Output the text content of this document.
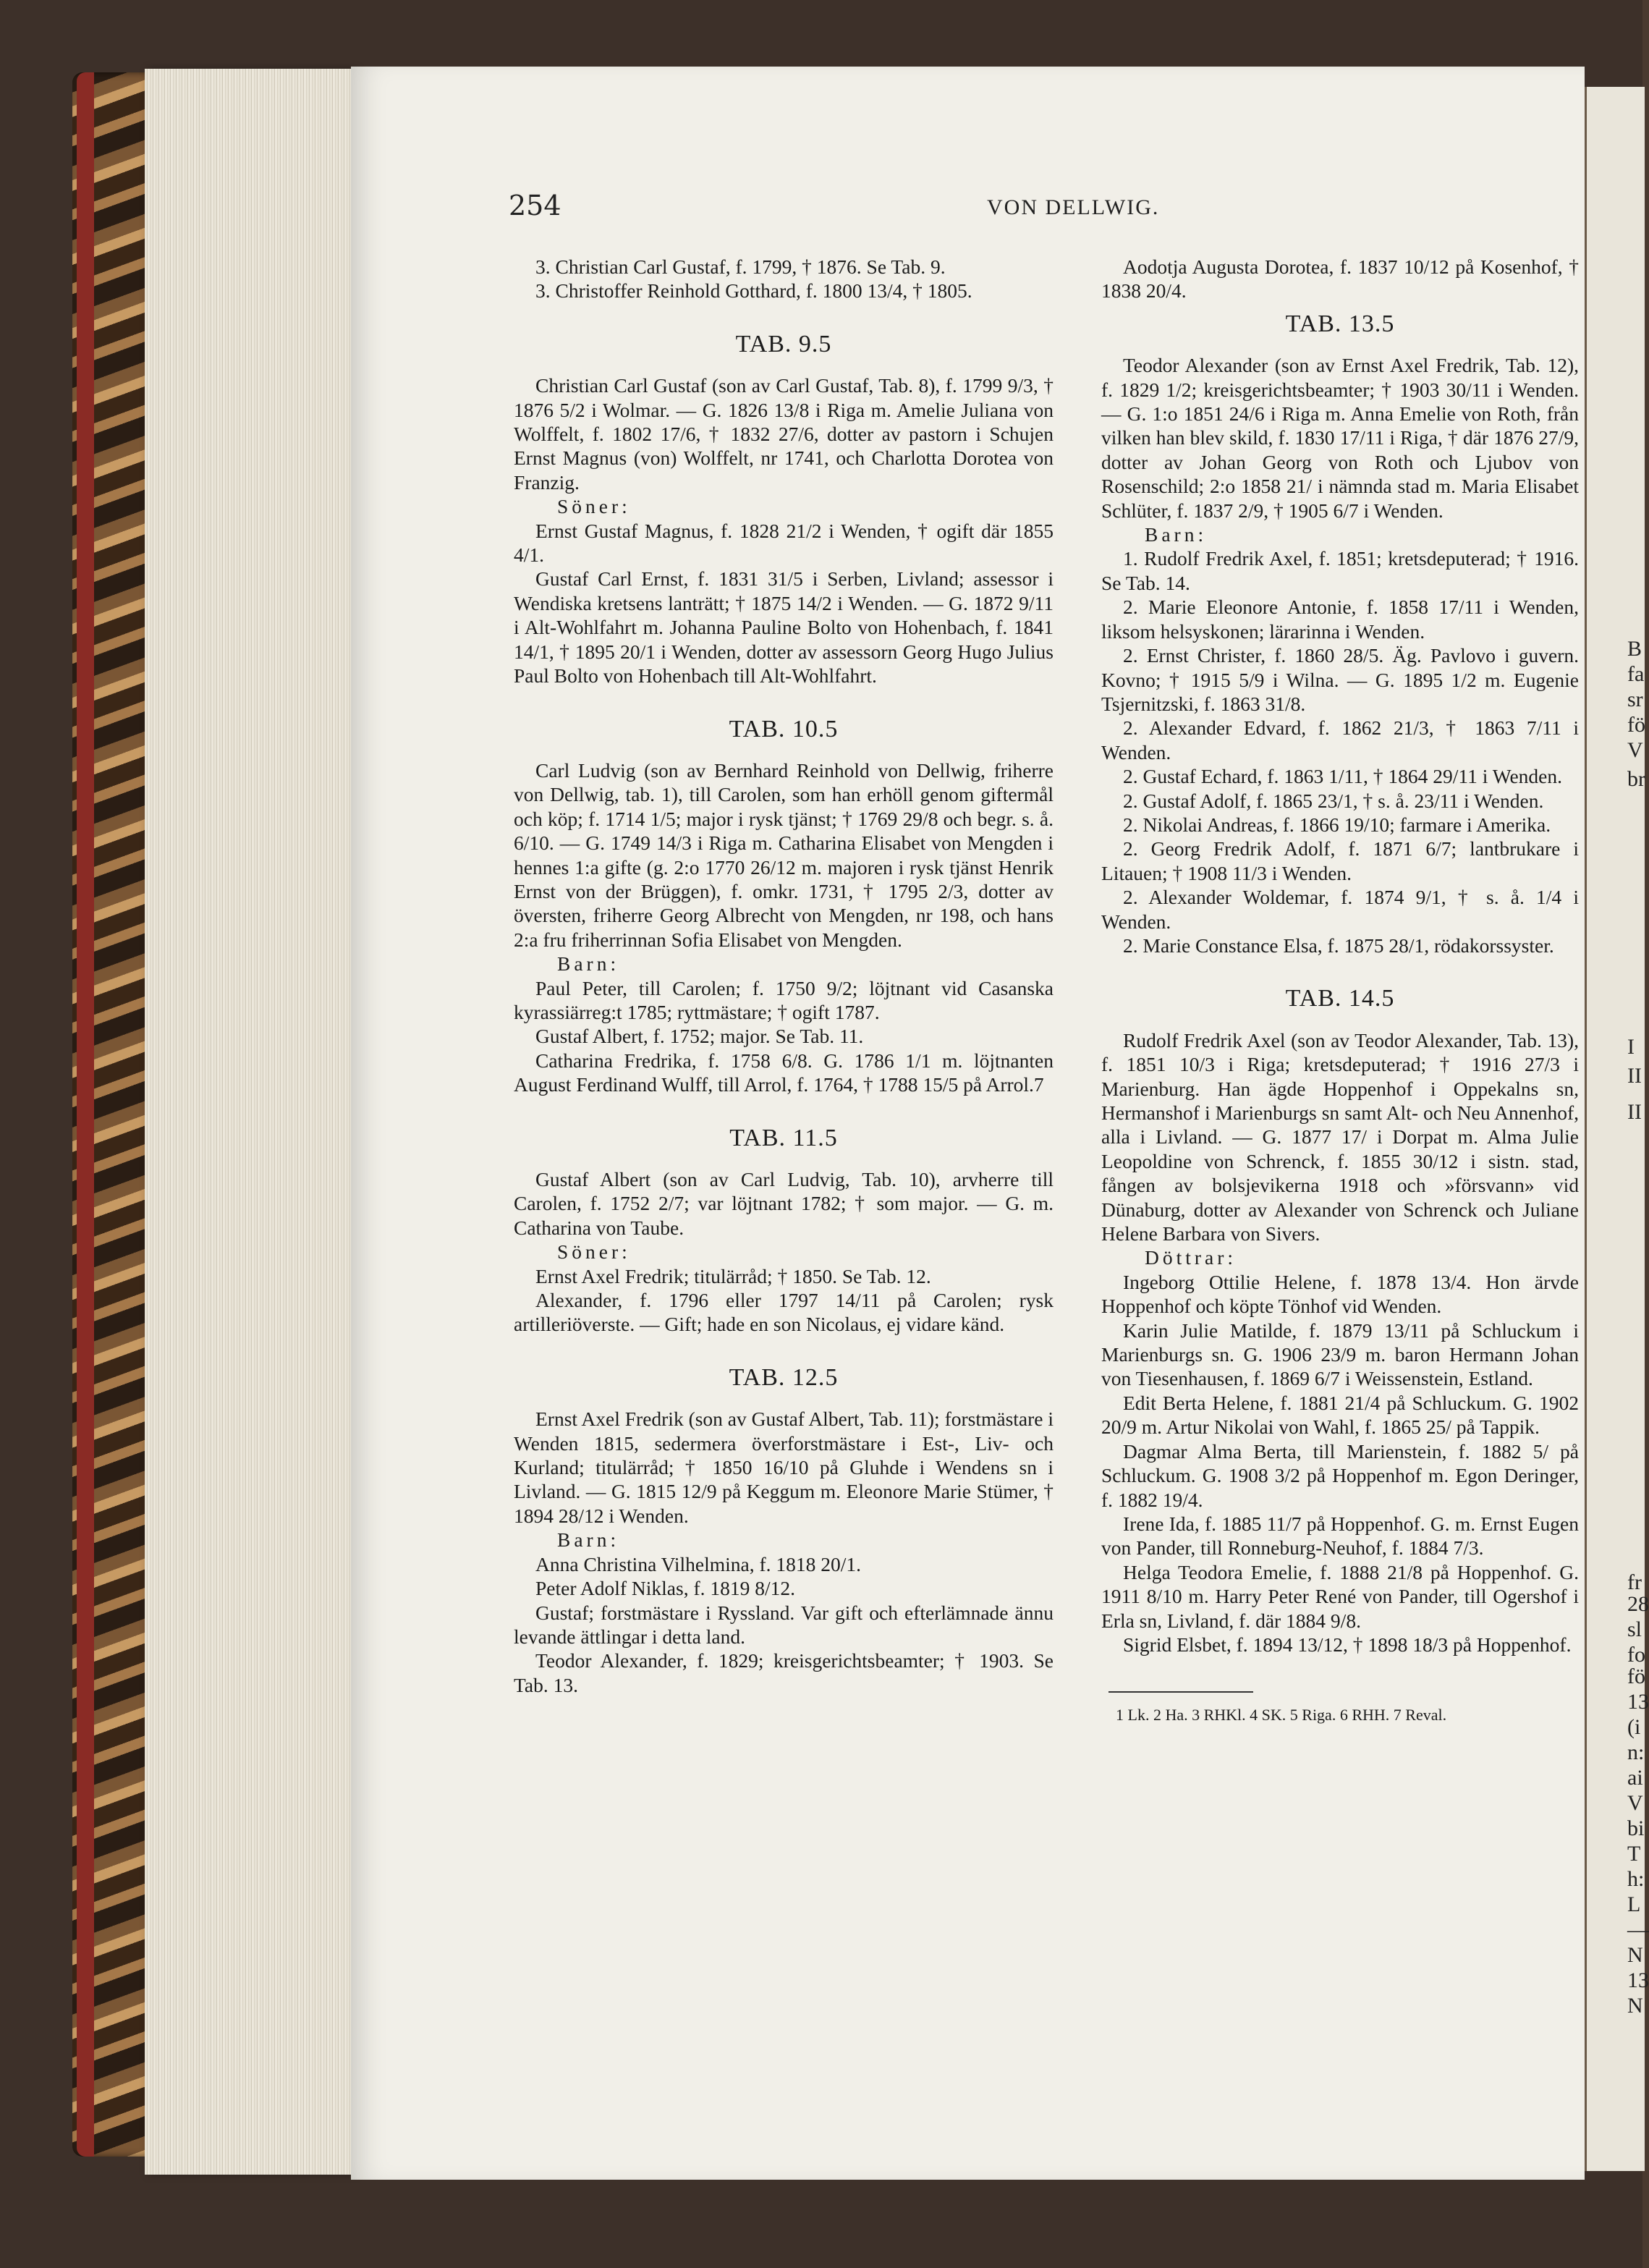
254	VON DELLWIG.

3. Christian Carl Gustaf, f. 1799, † 1876. Se Tab. 9.

3. Christoffer Reinhold Gotthard, f. 1800 13/4, † 1805.

TAB. 9.5

Christian Carl Gustaf (son av Carl Gustaf, Tab. 8), f. 1799 9/3, † 1876 5/2 i Wolmar. — G. 1826 13/8 i Riga m. Amelie Juliana von Wolffelt, f. 1802 17/6, † 1832 27/6, dotter av pastorn i Schujen Ernst Magnus (von) Wolffelt, nr 1741, och Charlotta Dorotea von Franzig.

Söner:

Ernst Gustaf Magnus, f. 1828 21/2 i Wenden, † ogift där 1855 4/1.

Gustaf Carl Ernst, f. 1831 31/5 i Serben, Livland; assessor i Wendiska kretsens lanträtt; † 1875 14/2 i Wenden. — G. 1872 9/11 i Alt-Wohlfahrt m. Johanna Pauline Bolto von Hohenbach, f. 1841 14/1, † 1895 20/1 i Wenden, dotter av assessorn Georg Hugo Julius Paul Bolto von Hohenbach till Alt-Wohlfahrt.

TAB. 10.5

Carl Ludvig (son av Bernhard Reinhold von Dellwig, friherre von Dellwig, tab. 1), till Carolen, som han erhöll genom giftermål och köp; f. 1714 1/5; major i rysk tjänst; † 1769 29/8 och begr. s. å. 6/10. — G. 1749 14/3 i Riga m. Catharina Elisabet von Mengden i hennes 1:a gifte (g. 2:o 1770 26/12 m. majoren i rysk tjänst Henrik Ernst von der Brüggen), f. omkr. 1731, † 1795 2/3, dotter av översten, friherre Georg Albrecht von Mengden, nr 198, och hans 2:a fru friherrinnan Sofia Elisabet von Mengden.

Barn:

Paul Peter, till Carolen; f. 1750 9/2; löjtnant vid Casanska kyrassiärreg:t 1785; ryttmästare; † ogift 1787.

Gustaf Albert, f. 1752; major. Se Tab. 11.

Catharina Fredrika, f. 1758 6/8. G. 1786 1/1 m. löjtnanten August Ferdinand Wulff, till Arrol, f. 1764, † 1788 15/5 på Arrol.7

TAB. 11.5

Gustaf Albert (son av Carl Ludvig, Tab. 10), arvherre till Carolen, f. 1752 2/7; var löjtnant 1782; † som major. — G. m. Catharina von Taube.

Söner:

Ernst Axel Fredrik; titulärråd; † 1850. Se Tab. 12.

Alexander, f. 1796 eller 1797 14/11 på Carolen; rysk artilleriöverste. — Gift; hade en son Nicolaus, ej vidare känd.

TAB. 12.5

Ernst Axel Fredrik (son av Gustaf Albert, Tab. 11); forstmästare i Wenden 1815, sedermera överforstmästare i Est-, Liv- och Kurland; titulärråd; † 1850 16/10 på Gluhde i Wendens sn i Livland. — G. 1815 12/9 på Keggum m. Eleonore Marie Stümer, † 1894 28/12 i Wenden.

Barn:

Anna Christina Vilhelmina, f. 1818 20/1.

Peter Adolf Niklas, f. 1819 8/12.

Gustaf; forstmästare i Ryssland. Var gift och efterlämnade ännu levande ättlingar i detta land.

Teodor Alexander, f. 1829; kreisgerichtsbeamter; † 1903. Se Tab. 13.

Aodotja Augusta Dorotea, f. 1837 10/12 på Kosenhof, † 1838 20/4.

TAB. 13.5

Teodor Alexander (son av Ernst Axel Fredrik, Tab. 12), f. 1829 1/2; kreisgerichtsbeamter; † 1903 30/11 i Wenden. — G. 1:o 1851 24/6 i Riga m. Anna Emelie von Roth, från vilken han blev skild, f. 1830 17/11 i Riga, † där 1876 27/9, dotter av Johan Georg von Roth och Ljubov von Rosenschild; 2:o 1858 21/ i nämnda stad m. Maria Elisabet Schlüter, f. 1837 2/9, † 1905 6/7 i Wenden.

Barn:

1. Rudolf Fredrik Axel, f. 1851; kretsdeputerad; † 1916. Se Tab. 14.

2. Marie Eleonore Antonie, f. 1858 17/11 i Wenden, liksom helsyskonen; lärarinna i Wenden.

2. Ernst Christer, f. 1860 28/5. Äg. Pavlovo i guvern. Kovno; † 1915 5/9 i Wilna. — G. 1895 1/2 m. Eugenie Tsjernitzski, f. 1863 31/8.

2. Alexander Edvard, f. 1862 21/3, † 1863 7/11 i Wenden.

2. Gustaf Echard, f. 1863 1/11, † 1864 29/11 i Wenden.

2. Gustaf Adolf, f. 1865 23/1, † s. å. 23/11 i Wenden.

2. Nikolai Andreas, f. 1866 19/10; farmare i Amerika.

2. Georg Fredrik Adolf, f. 1871 6/7; lantbrukare i Litauen; † 1908 11/3 i Wenden.

2. Alexander Woldemar, f. 1874 9/1, † s. å. 1/4 i Wenden.

2. Marie Constance Elsa, f. 1875 28/1, rödakorssyster.

TAB. 14.5

Rudolf Fredrik Axel (son av Teodor Alexander, Tab. 13), f. 1851 10/3 i Riga; kretsdeputerad; † 1916 27/3 i Marienburg. Han ägde Hoppenhof i Oppekalns sn, Hermanshof i Marienburgs sn samt Alt- och Neu Annenhof, alla i Livland. — G. 1877 17/ i Dorpat m. Alma Julie Leopoldine von Schrenck, f. 1855 30/12 i sistn. stad, fången av bolsjevikerna 1918 och »försvann» vid Dünaburg, dotter av Alexander von Schrenck och Juliane Helene Barbara von Sivers.

Döttrar:

Ingeborg Ottilie Helene, f. 1878 13/4. Hon ärvde Hoppenhof och köpte Tönhof vid Wenden.

Karin Julie Matilde, f. 1879 13/11 på Schluckum i Marienburgs sn. G. 1906 23/9 m. baron Hermann Johan von Tiesenhausen, f. 1869 6/7 i Weissenstein, Estland.

Edit Berta Helene, f. 1881 21/4 på Schluckum. G. 1902 20/9 m. Artur Nikolai von Wahl, f. 1865 25/ på Tappik.

Dagmar Alma Berta, till Marienstein, f. 1882 5/ på Schluckum. G. 1908 3/2 på Hoppenhof m. Egon Deringer, f. 1882 19/4.

Irene Ida, f. 1885 11/7 på Hoppenhof. G. m. Ernst Eugen von Pander, till Ronneburg-Neuhof, f. 1884 7/3.

Helga Teodora Emelie, f. 1888 21/8 på Hoppenhof. G. 1911 8/10 m. Harry Peter René von Pander, till Ogershof i Erla sn, Livland, f. där 1884 9/8.

Sigrid Elsbet, f. 1894 13/12, † 1898 18/3 på Hoppenhof.

1 Lk. 2 Ha. 3 RHKl. 4 SK. 5 Riga. 6 RHH. 7 Reval.

B
fa
sr
fö
V
br
I
II
II
fr
28
sl
fo
fö
13
(i
n:
ai
V
bi
T
h:
L
—
N
13
N
